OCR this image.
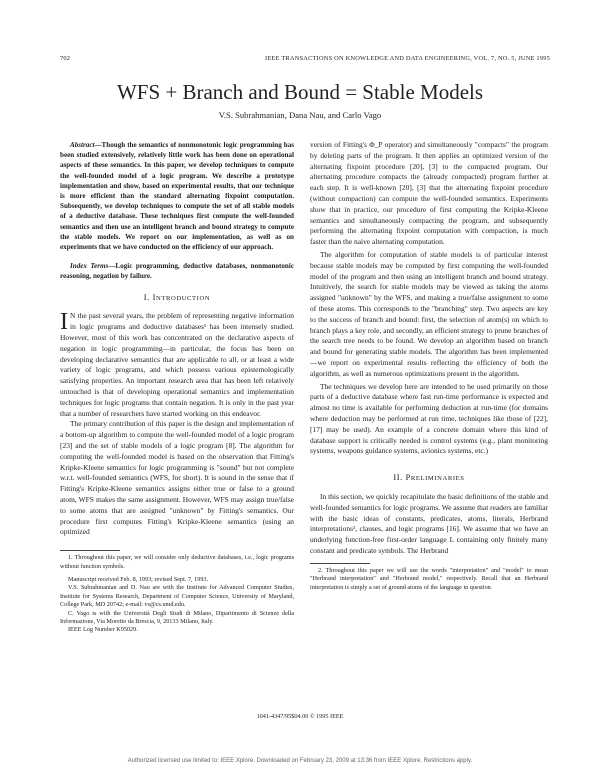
702	IEEE TRANSACTIONS ON KNOWLEDGE AND DATA ENGINEERING, VOL. 7, NO. 5, JUNE 1995
WFS + Branch and Bound = Stable Models
V.S. Subrahmanian, Dana Nau, and Carlo Vago

Abstract—Though the semantics of nonmonotonic logic programming has been studied extensively, relatively little work has been done on operational aspects of these semantics. In this paper, we develop techniques to compute the well-founded model of a logic program. We describe a prototype implementation and show, based on experimental results, that our technique is more efficient than the standard alternating fixpoint computation. Subsequently, we develop techniques to compute the set of all stable models of a deductive database. These techniques first compute the well-founded semantics and then use an intelligent branch and bound strategy to compute the stable models. We report on our implementation, as well as on experiments that we have conducted on the efficiency of our approach.

Index Terms—Logic programming, deductive databases, nonmonotonic reasoning, negation by failure.

I. INTRODUCTION

I N the past several years, the problem of representing negative information in logic programs and deductive databases¹ has been intensely studied. However, most of this work has concentrated on the declarative aspects of negation in logic programming—in particular, the focus has been on developing declarative semantics that are applicable to all, or at least a wide variety of logic programs, and which possess various epistemologically satisfying properties. An important research area that has been left relatively untouched is that of developing operational semantics and implementation techniques for logic programs that contain negation. It is only in the past year that a number of researchers have started working on this endeavor.

The primary contribution of this paper is the design and implementation of a bottom-up algorithm to compute the well-founded model of a logic program [23] and the set of stable models of a logic program [8]. The algorithm for computing the well-founded model is based on the observation that Fitting's Kripke-Kleene semantics for logic programming is "sound" but not complete w.r.t. well-founded semantics (WFS, for short). It is sound in the sense that if Fitting's Kripke-Kleene semantics assigns either true or false to a ground atom, WFS makes the same assignment. However, WFS may assign true/false to some atoms that are assigned "unknown" by Fitting's semantics. Our procedure first computes Fitting's Kripke-Kleene semantics (using an optimized

1. Throughout this paper, we will consider only deductive databases, i.e., logic programs without function symbols.

Manuscript received Feb. 8, 1993; revised Sept. 7, 1993.

V.S. Subrahmanian and D. Nau are with the Institute for Advanced Computer Studies, Institute for Systems Research, Department of Computer Science, University of Maryland, College Park, MD 20742; e-mail: vs@cs.umd.edu.

C. Vago is with the Università Degli Studi di Milano, Dipartimento di Scienze della Informazione, Via Moretto da Brescia, 9, 20133 Milano, Italy.

IEEE Log Number K95029.

version of Fitting's Φ_P operator) and simultaneously "compacts" the program by deleting parts of the program. It then applies an optimized version of the alternating fixpoint procedure [20], [3] to the compacted program. Our alternating procedure compacts the (already compacted) program further at each step. It is well-known [20], [3] that the alternating fixpoint procedure (without compaction) can compute the well-founded semantics. Experiments show that in practice, our procedure of first computing the Kripke-Kleene semantics and simultaneously compacting the program, and subsequently performing the alternating fixpoint computation with compaction, is much faster than the naive alternating computation.

The algorithm for computation of stable models is of particular interest because stable models may be computed by first computing the well-founded model of the program and then using an intelligent branch and bound strategy. Intuitively, the search for stable models may be viewed as taking the atoms assigned "unknown" by the WFS, and making a true/false assignment to some of these atoms. This corresponds to the "branching" step. Two aspects are key to the success of branch and bound: first, the selection of atom(s) on which to branch plays a key role, and secondly, an efficient strategy to prune branches of the search tree needs to be found. We develop an algorithm based on branch and bound for generating stable models. The algorithm has been implemented—we report on experimental results reflecting the efficiency of both the algorithm, as well as numerous optimizations present in the algorithm.

The techniques we develop here are intended to be used primarily on those parts of a deductive database where fast run-time performance is expected and almost no time is available for performing deduction at run-time (for domains where deduction may be performed at run time, techniques like those of [22], [17] may be used). An example of a concrete domain where this kind of database support is critically needed is control systems (e.g., plant monitoring systems, weapons guidance systems, avionics systems, etc.)

II. PRELIMINARIES

In this section, we quickly recapitulate the basic definitions of the stable and well-founded semantics for logic programs. We assume that readers are familiar with the basic ideas of constants, predicates, atoms, literals, Herbrand interpretations², clauses, and logic programs [16]. We assume that we have an underlying function-free first-order language L containing only finitely many constant and predicate symbols. The Herbrand

2. Throughout this paper we will use the words "interpretation" and "model" to mean "Herbrand interpretation" and "Herbrand model," respectively. Recall that an Herbrand interpretation is simply a set of ground atoms of the language in question.

1041-4347/95$04.00 © 1995 IEEE
Authorized licensed use limited to: IEEE Xplore. Downloaded on February 23, 2009 at 13:36 from IEEE Xplore. Restrictions apply.
